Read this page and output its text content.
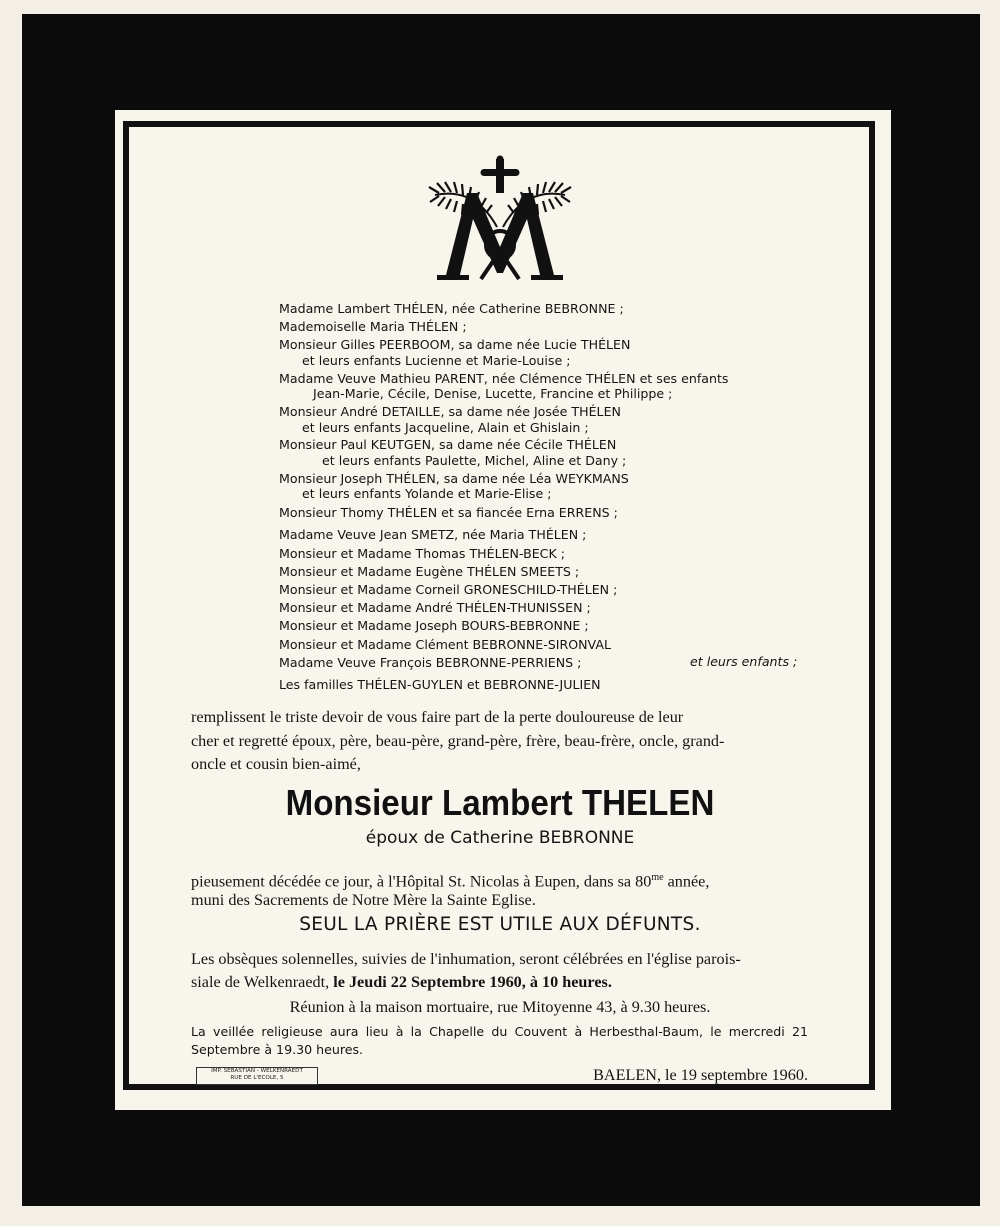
Madame Lambert THÉLEN, née Catherine BEBRONNE ;

Mademoiselle Maria THÉLEN ;

Monsieur Gilles PEERBOOM, sa dame née Lucie THÉLEN

et leurs enfants Lucienne et Marie-Louise ;

Madame Veuve Mathieu PARENT, née Clémence THÉLEN et ses enfants

Jean-Marie, Cécile, Denise, Lucette, Francine et Philippe ;

Monsieur André DETAILLE, sa dame née Josée THÉLEN

et leurs enfants Jacqueline, Alain et Ghislain ;

Monsieur Paul KEUTGEN, sa dame née Cécile THÉLEN

et leurs enfants Paulette, Michel, Aline et Dany ;

Monsieur Joseph THÉLEN, sa dame née Léa WEYKMANS

et leurs enfants Yolande et Marie-Elise ;

Monsieur Thomy THÉLEN et sa fiancée Erna ERRENS ;

Madame Veuve Jean SMETZ, née Maria THÉLEN ;

Monsieur et Madame Thomas THÉLEN-BECK ;

Monsieur et Madame Eugène THÉLEN SMEETS ;

Monsieur et Madame Corneil GRONESCHILD-THÉLEN ;

Monsieur et Madame André THÉLEN-THUNISSEN ;

Monsieur et Madame Joseph BOURS-BEBRONNE ;

Monsieur et Madame Clément BEBRONNE-SIRONVAL

Madame Veuve François BEBRONNE-PERRIENS ;	et leurs enfants ;

Les familles THÉLEN-GUYLEN et BEBRONNE-JULIEN

remplissent le triste devoir de vous faire part de la perte douloureuse de leur

cher et regretté époux, père, beau-père, grand-père, frère, beau-frère, oncle, grand-

oncle et cousin bien-aimé,

Monsieur Lambert THELEN

époux de Catherine BEBRONNE

pieusement décédée ce jour, à l'Hôpital St. Nicolas à Eupen, dans sa $80^{me}$ année,

muni des Sacrements de Notre Mère la Sainte Eglise.

SEUL LA PRIÈRE EST UTILE AUX DÉFUNTS.

Les obsèques solennelles, suivies de l'inhumation, seront célébrées en l'église parois-

siale de Welkenraedt, le Jeudi 22 Septembre 1960, à 10 heures.

Réunion à la maison mortuaire, rue Mitoyenne 43, à 9.30 heures.

La veillée religieuse aura lieu à la Chapelle du Couvent à Herbesthal-Baum, le mercredi 21 Septembre à 19.30 heures.

IMP. SEBASTIAN - WELKENRAEDT
RUE DE L'ECOLE, 5	BAELEN, le 19 septembre 1960.
